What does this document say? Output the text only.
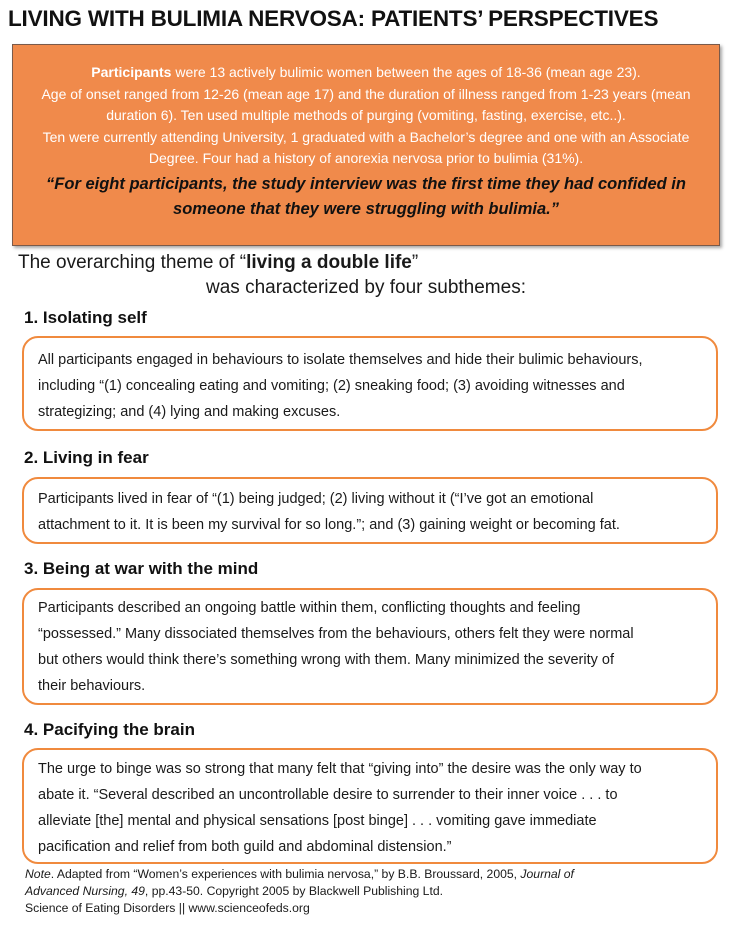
LIVING WITH BULIMIA NERVOSA: PATIENTS’ PERSPECTIVES
Participants were 13 actively bulimic women between the ages of 18-36 (mean age 23).
Age of onset ranged from 12-26 (mean age 17) and the duration of illness ranged from 1-23 years (mean
duration 6). Ten used multiple methods of purging (vomiting, fasting, exercise, etc..).
Ten were currently attending University, 1 graduated with a Bachelor’s degree and one with an Associate
Degree. Four had a history of anorexia nervosa prior to bulimia (31%).
“For eight participants, the study interview was the first time they had confided in
someone that they were struggling with bulimia.”
The overarching theme of “living a double life”
was characterized by four subthemes:
1. Isolating self
All participants engaged in behaviours to isolate themselves and hide their bulimic behaviours,
including “(1) concealing eating and vomiting; (2) sneaking food; (3) avoiding witnesses and
strategizing; and (4) lying and making excuses.
2. Living in fear
Participants lived in fear of “(1) being judged; (2) living without it (“I’ve got an emotional
attachment to it. It is been my survival for so long.”; and (3) gaining weight or becoming fat.
3. Being at war with the mind
Participants described an ongoing battle within them, conflicting thoughts and feeling
“possessed.” Many dissociated themselves from the behaviours, others felt they were normal
but others would think there’s something wrong with them. Many minimized the severity of
their behaviours.
4. Pacifying the brain
The urge to binge was so strong that many felt that “giving into” the desire was the only way to
abate it. “Several described an uncontrollable desire to surrender to their inner voice . . . to
alleviate [the] mental and physical sensations [post binge] . . . vomiting gave immediate
pacification and relief from both guild and abdominal distension.”
Note. Adapted from “Women’s experiences with bulimia nervosa,” by B.B. Broussard, 2005, Journal of
Advanced Nursing, 49, pp.43-50. Copyright 2005 by Blackwell Publishing Ltd.
Science of Eating Disorders || www.scienceofeds.org
